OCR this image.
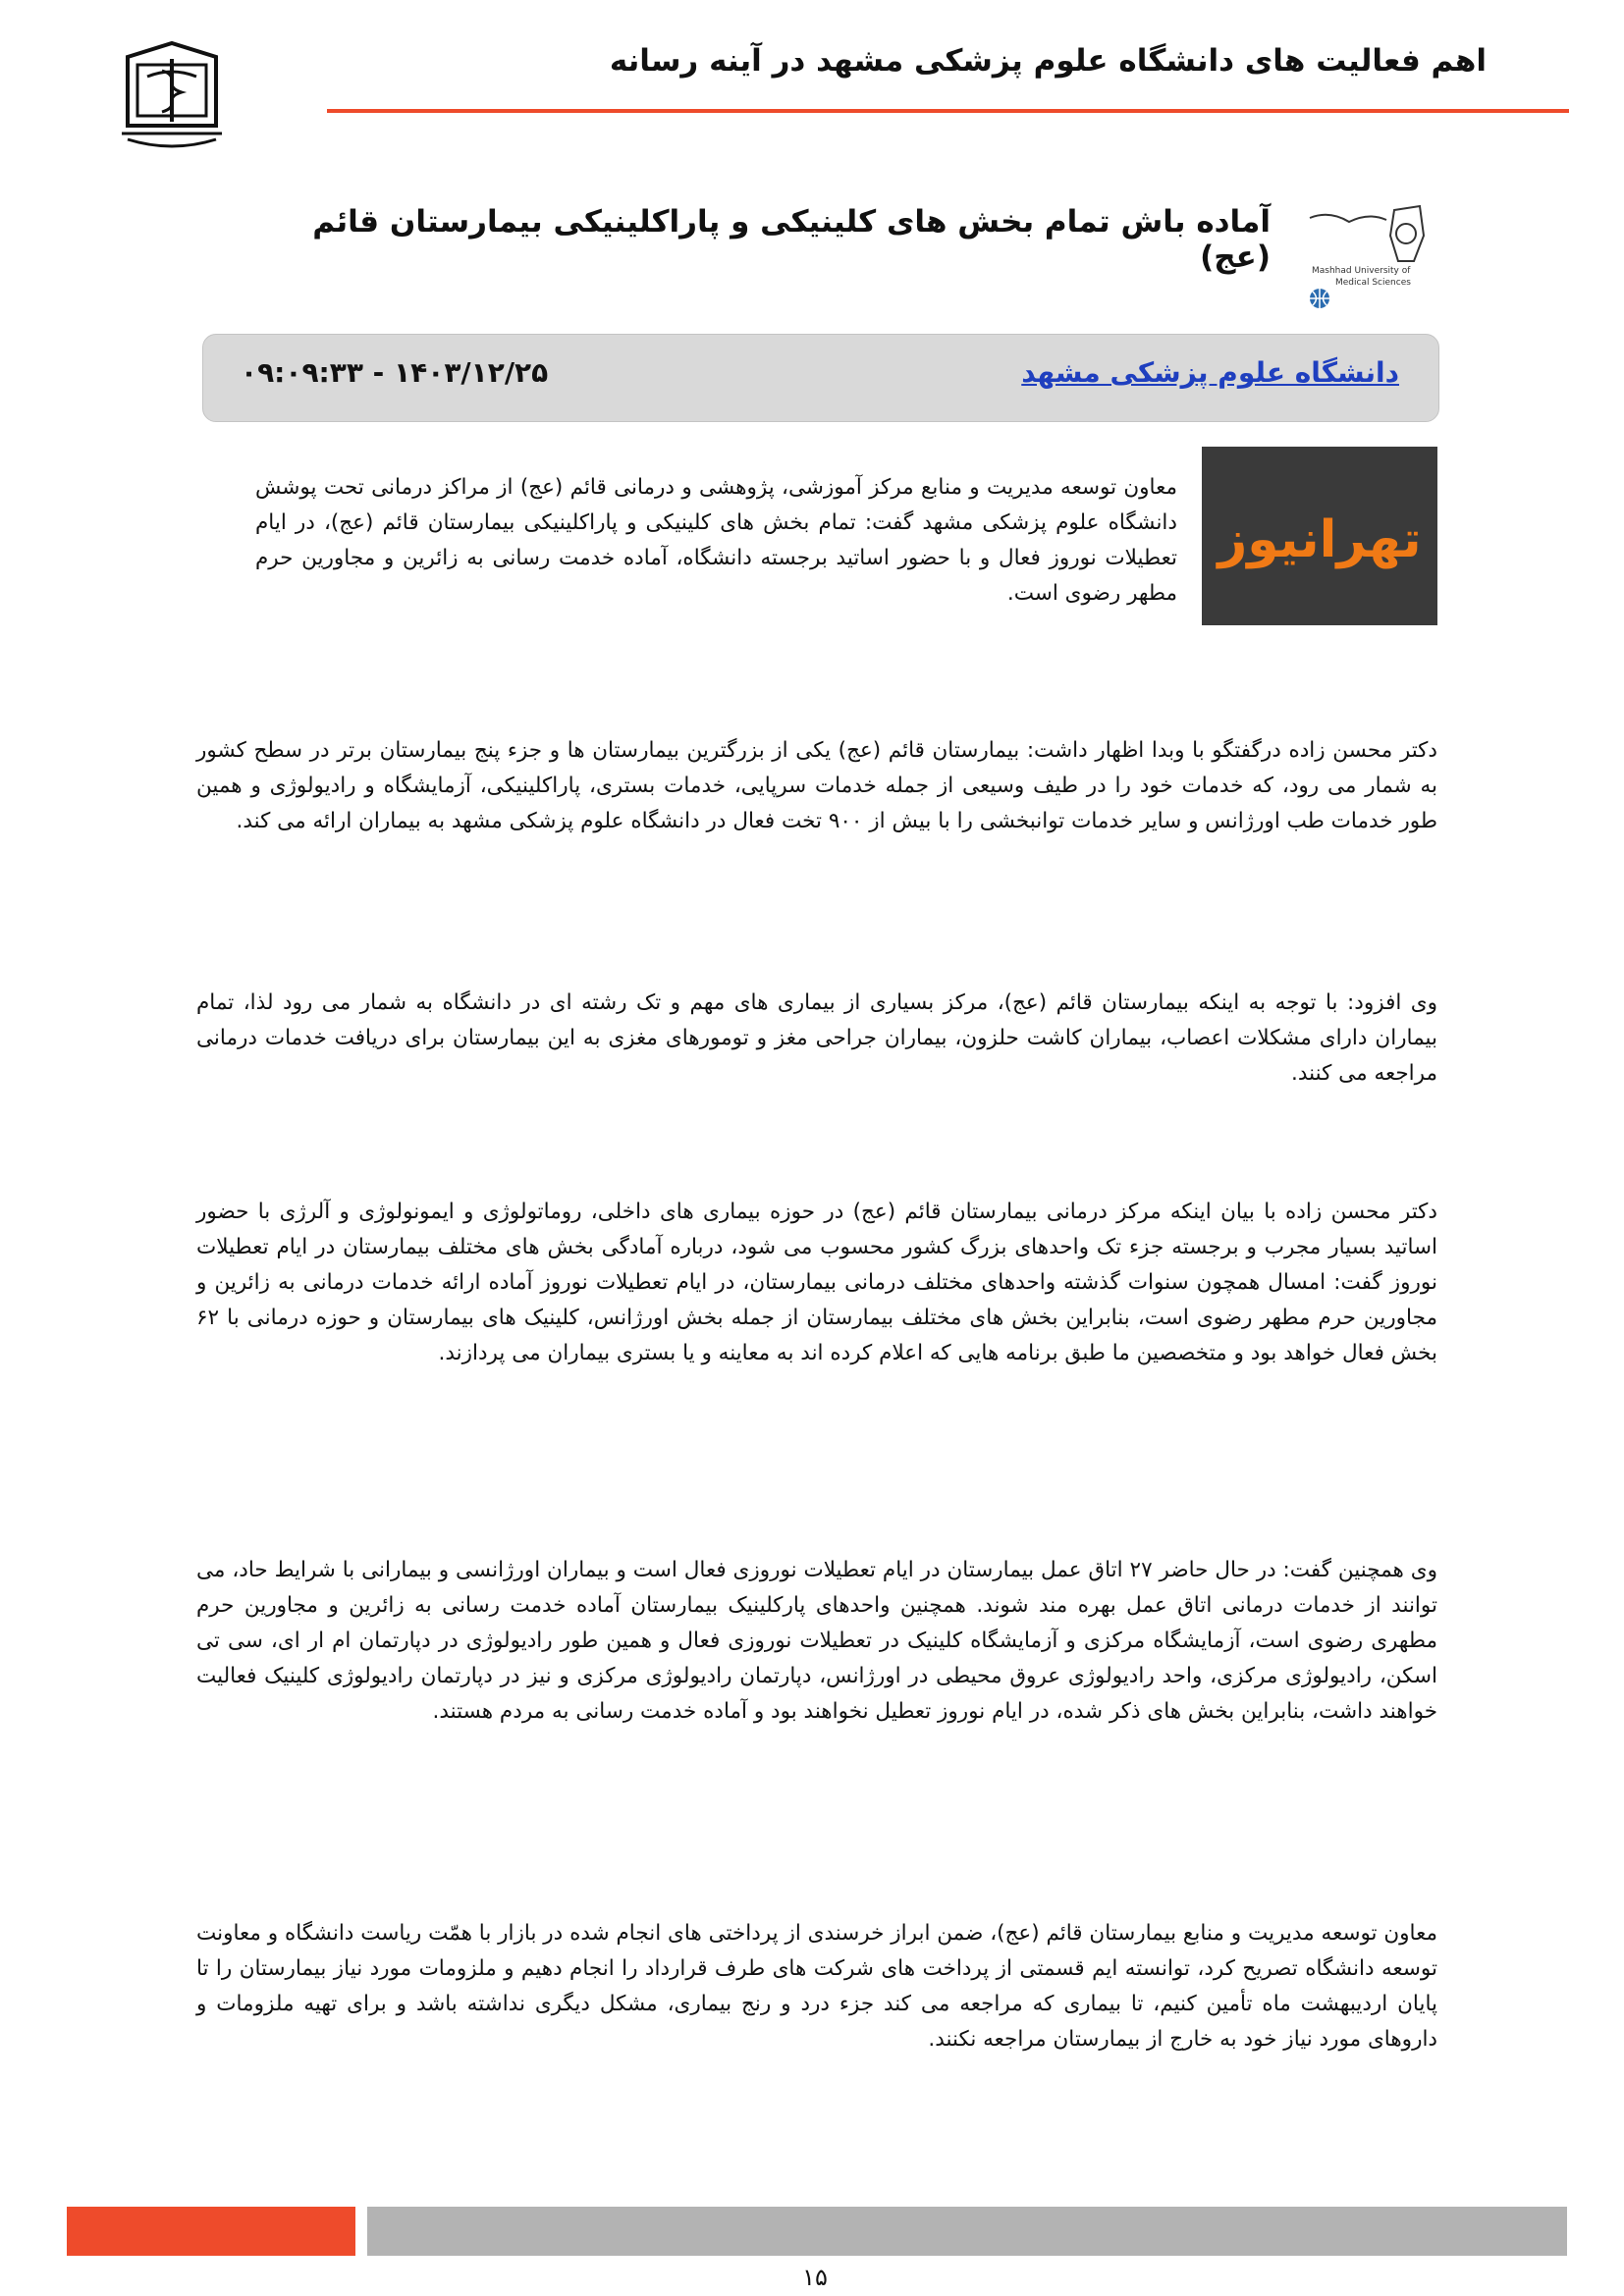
اهم فعالیت های دانشگاه علوم پزشکی مشهد در آینه رسانه
Mashhad University of
Medical Sciences
آماده باش تمام بخش های کلینیکی و پاراکلینیکی بیمارستان قائم (عج)
دانشگاه علوم پزشکی مشهد
۱۴۰۳/۱۲/۲۵ - ۰۹:۰۹:۳۳
تهرانیوز

معاون توسعه مدیریت و منابع مرکز آموزشی، پژوهشی و درمانی قائم (عج) از مراکز درمانی تحت پوشش دانشگاه علوم پزشکی مشهد گفت: تمام بخش های کلینیکی و پاراکلینیکی بیمارستان قائم (عج)، در ایام تعطیلات نوروز فعال و با حضور اساتید برجسته دانشگاه، آماده خدمت رسانی به زائرین و مجاورین حرم مطهر رضوی است.

دکتر محسن زاده درگفتگو با وبدا اظهار داشت: بیمارستان قائم (عج) یکی از بزرگترین بیمارستان ها و جزء پنج بیمارستان برتر در سطح کشور به شمار می رود، که خدمات خود را در طیف وسیعی از جمله خدمات سرپایی، خدمات بستری، پاراکلینیکی، آزمایشگاه و رادیولوژی و همین طور خدمات طب اورژانس و سایر خدمات توانبخشی را با بیش از ۹۰۰ تخت فعال در دانشگاه علوم پزشکی مشهد به بیماران ارائه می کند.

وی افزود: با توجه به اینکه بیمارستان قائم (عج)، مرکز بسیاری از بیماری های مهم و تک رشته ای در دانشگاه به شمار می رود لذا، تمام بیماران دارای مشکلات اعصاب، بیماران کاشت حلزون، بیماران جراحی مغز و تومورهای مغزی به این بیمارستان برای دریافت خدمات درمانی مراجعه می کنند.

دکتر محسن زاده با بیان اینکه مرکز درمانی بیمارستان قائم (عج) در حوزه بیماری های داخلی، روماتولوژی و ایمونولوژی و آلرژی با حضور اساتید بسیار مجرب و برجسته جزء تک واحدهای بزرگ کشور محسوب می شود، درباره آمادگی بخش های مختلف بیمارستان در ایام تعطیلات نوروز گفت: امسال همچون سنوات گذشته واحدهای مختلف درمانی بیمارستان، در ایام تعطیلات نوروز آماده ارائه خدمات درمانی به زائرین و مجاورین حرم مطهر رضوی است، بنابراین بخش های مختلف بیمارستان از جمله بخش اورژانس، کلینیک های بیمارستان و حوزه درمانی با ۶۲ بخش فعال خواهد بود و متخصصین ما طبق برنامه هایی که اعلام کرده اند به معاینه و یا بستری بیماران می پردازند.

وی همچنین گفت: در حال حاضر ۲۷ اتاق عمل بیمارستان در ایام تعطیلات نوروزی فعال است و بیماران اورژانسی و بیمارانی با شرایط حاد، می توانند از خدمات درمانی اتاق عمل بهره مند شوند. همچنین واحدهای پارکلینیک بیمارستان آماده خدمت رسانی به زائرین و مجاورین حرم مطهری رضوی است، آزمایشگاه مرکزی و آزمایشگاه کلینیک در تعطیلات نوروزی فعال و همین طور رادیولوژی در دپارتمان ام ار ای، سی تی اسکن، رادیولوژی مرکزی، واحد رادیولوژی عروق محیطی در اورژانس، دپارتمان رادیولوژی مرکزی و نیز در دپارتمان رادیولوژی کلینیک فعالیت خواهند داشت، بنابراین بخش های ذکر شده، در ایام نوروز تعطیل نخواهند بود و آماده خدمت رسانی به مردم هستند.

معاون توسعه مدیریت و منابع بیمارستان قائم (عج)، ضمن ابراز خرسندی از پرداختی های انجام شده در بازار با همّت ریاست دانشگاه و معاونت توسعه دانشگاه تصریح کرد، توانسته ایم قسمتی از پرداخت های شرکت های طرف قرارداد را انجام دهیم و ملزومات مورد نیاز بیمارستان را تا پایان اردیبهشت ماه تأمین کنیم، تا بیماری که مراجعه می کند جزء درد و رنج بیماری، مشکل دیگری نداشته باشد و برای تهیه ملزومات و داروهای مورد نیاز خود به خارج از بیمارستان مراجعه نکنند.

۱۵
